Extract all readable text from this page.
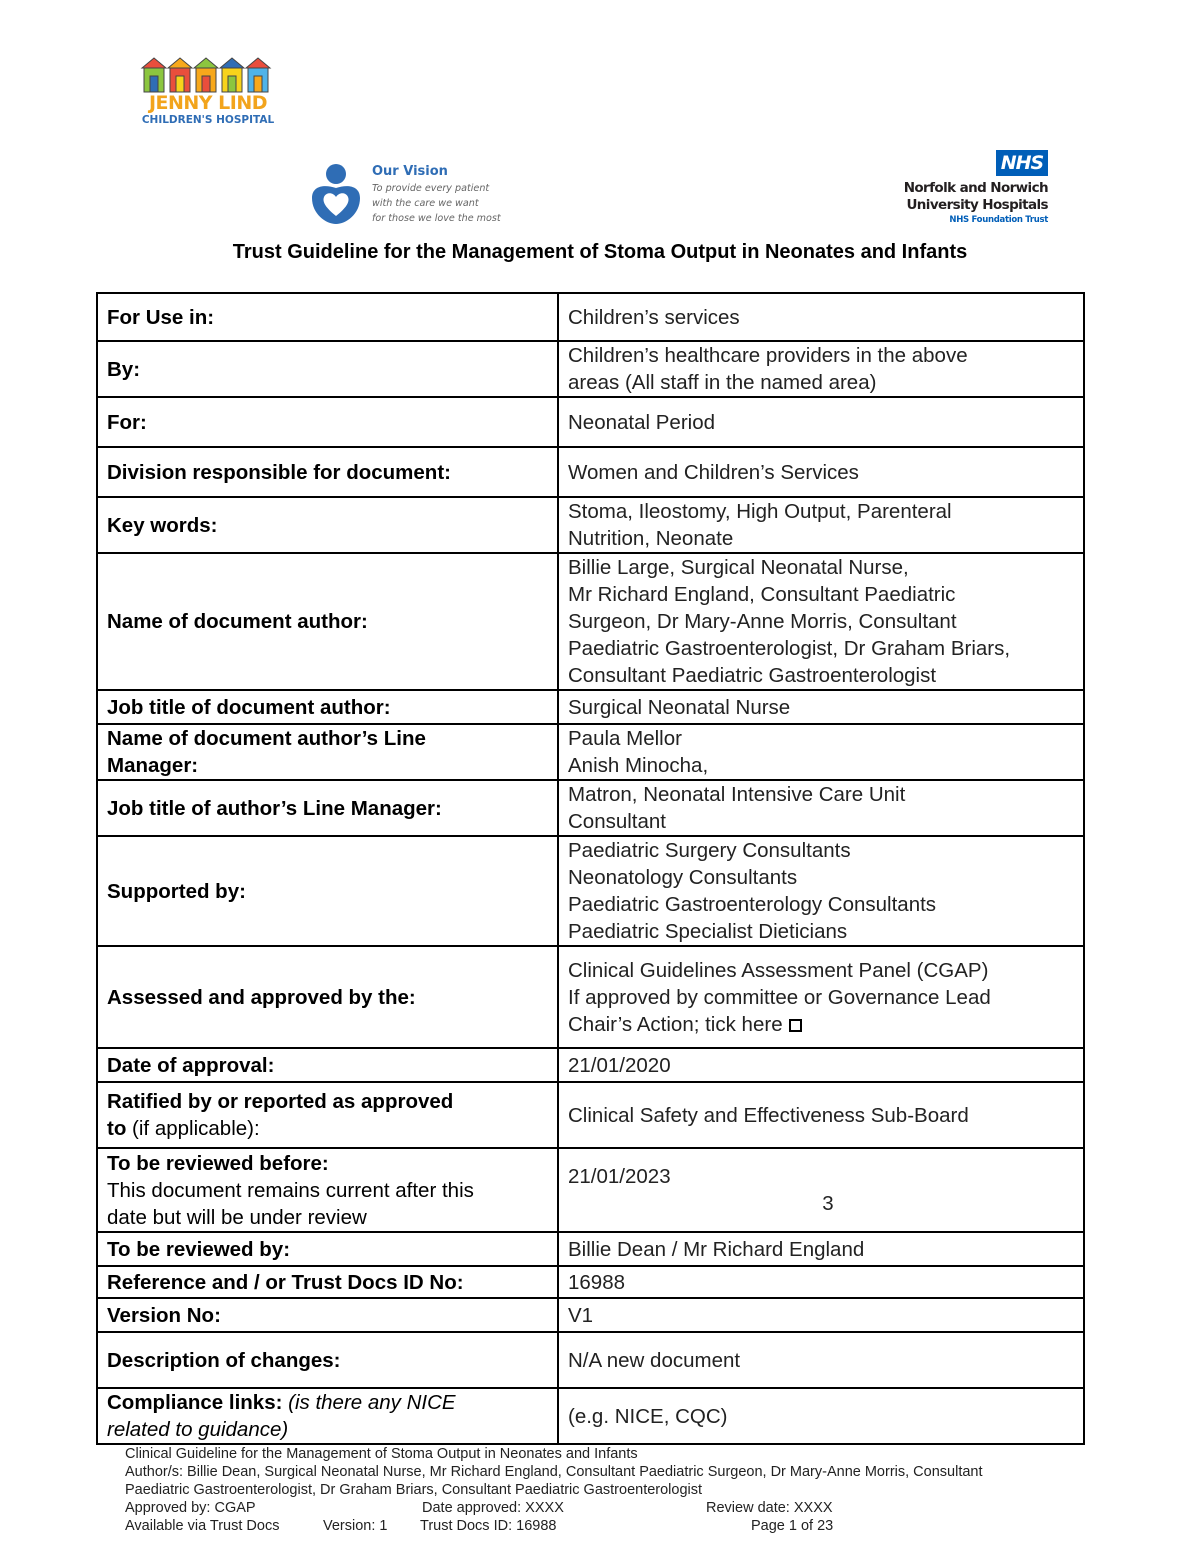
JENNY LIND
CHILDREN'S HOSPITAL
Our Vision
To provide every patient
with the care we want
for those we love the most
NHS
Norfolk and Norwich
University Hospitals
NHS Foundation Trust
Trust Guideline for the Management of Stoma Output in Neonates and Infants
For Use in:	Children’s services
By:	Children’s healthcare providers in the above
areas (All staff in the named area)

For:	Neonatal Period
Division responsible for document:	Women and Children’s Services
Key words:	Stoma, Ileostomy, High Output, Parenteral
Nutrition, Neonate

Name of document author:	Billie Large, Surgical Neonatal Nurse,
Mr Richard England, Consultant Paediatric
Surgeon, Dr Mary-Anne Morris, Consultant
Paediatric Gastroenterologist, Dr Graham Briars,
Consultant Paediatric Gastroenterologist

Job title of document author:	Surgical Neonatal Nurse

Name of document author’s Line
Manager:	Paula Mellor
Anish Minocha,

Job title of author’s Line Manager:	Matron, Neonatal Intensive Care Unit
Consultant

Supported by:	Paediatric Surgery Consultants
Neonatology Consultants
Paediatric Gastroenterology Consultants
Paediatric Specialist Dieticians

Assessed and approved by the:	Clinical Guidelines Assessment Panel (CGAP)
If approved by committee or Governance Lead
Chair’s Action; tick here

Date of approval:	21/01/2020

Ratified by or reported as approved
to (if applicable):	Clinical Safety and Effectiveness Sub-Board

To be reviewed before:
This document remains current after this
date but will be under review	21/01/2023
3

To be reviewed by:	Billie Dean / Mr Richard England
Reference and / or Trust Docs ID No:	16988
Version No:	V1
Description of changes:	N/A new document

Compliance links: (is there any NICE
related to guidance)	(e.g. NICE, CQC)
Clinical Guideline for the Management of Stoma Output in Neonates and Infants
Author/s: Billie Dean, Surgical Neonatal Nurse, Mr Richard England, Consultant Paediatric Surgeon, Dr Mary-Anne Morris, Consultant
Paediatric Gastroenterologist, Dr Graham Briars, Consultant Paediatric Gastroenterologist
Approved by: CGAP	Date approved: XXXX	Review date: XXXX
Available via Trust Docs	Version: 1 Trust Docs ID: 16988	Page 1 of 23
